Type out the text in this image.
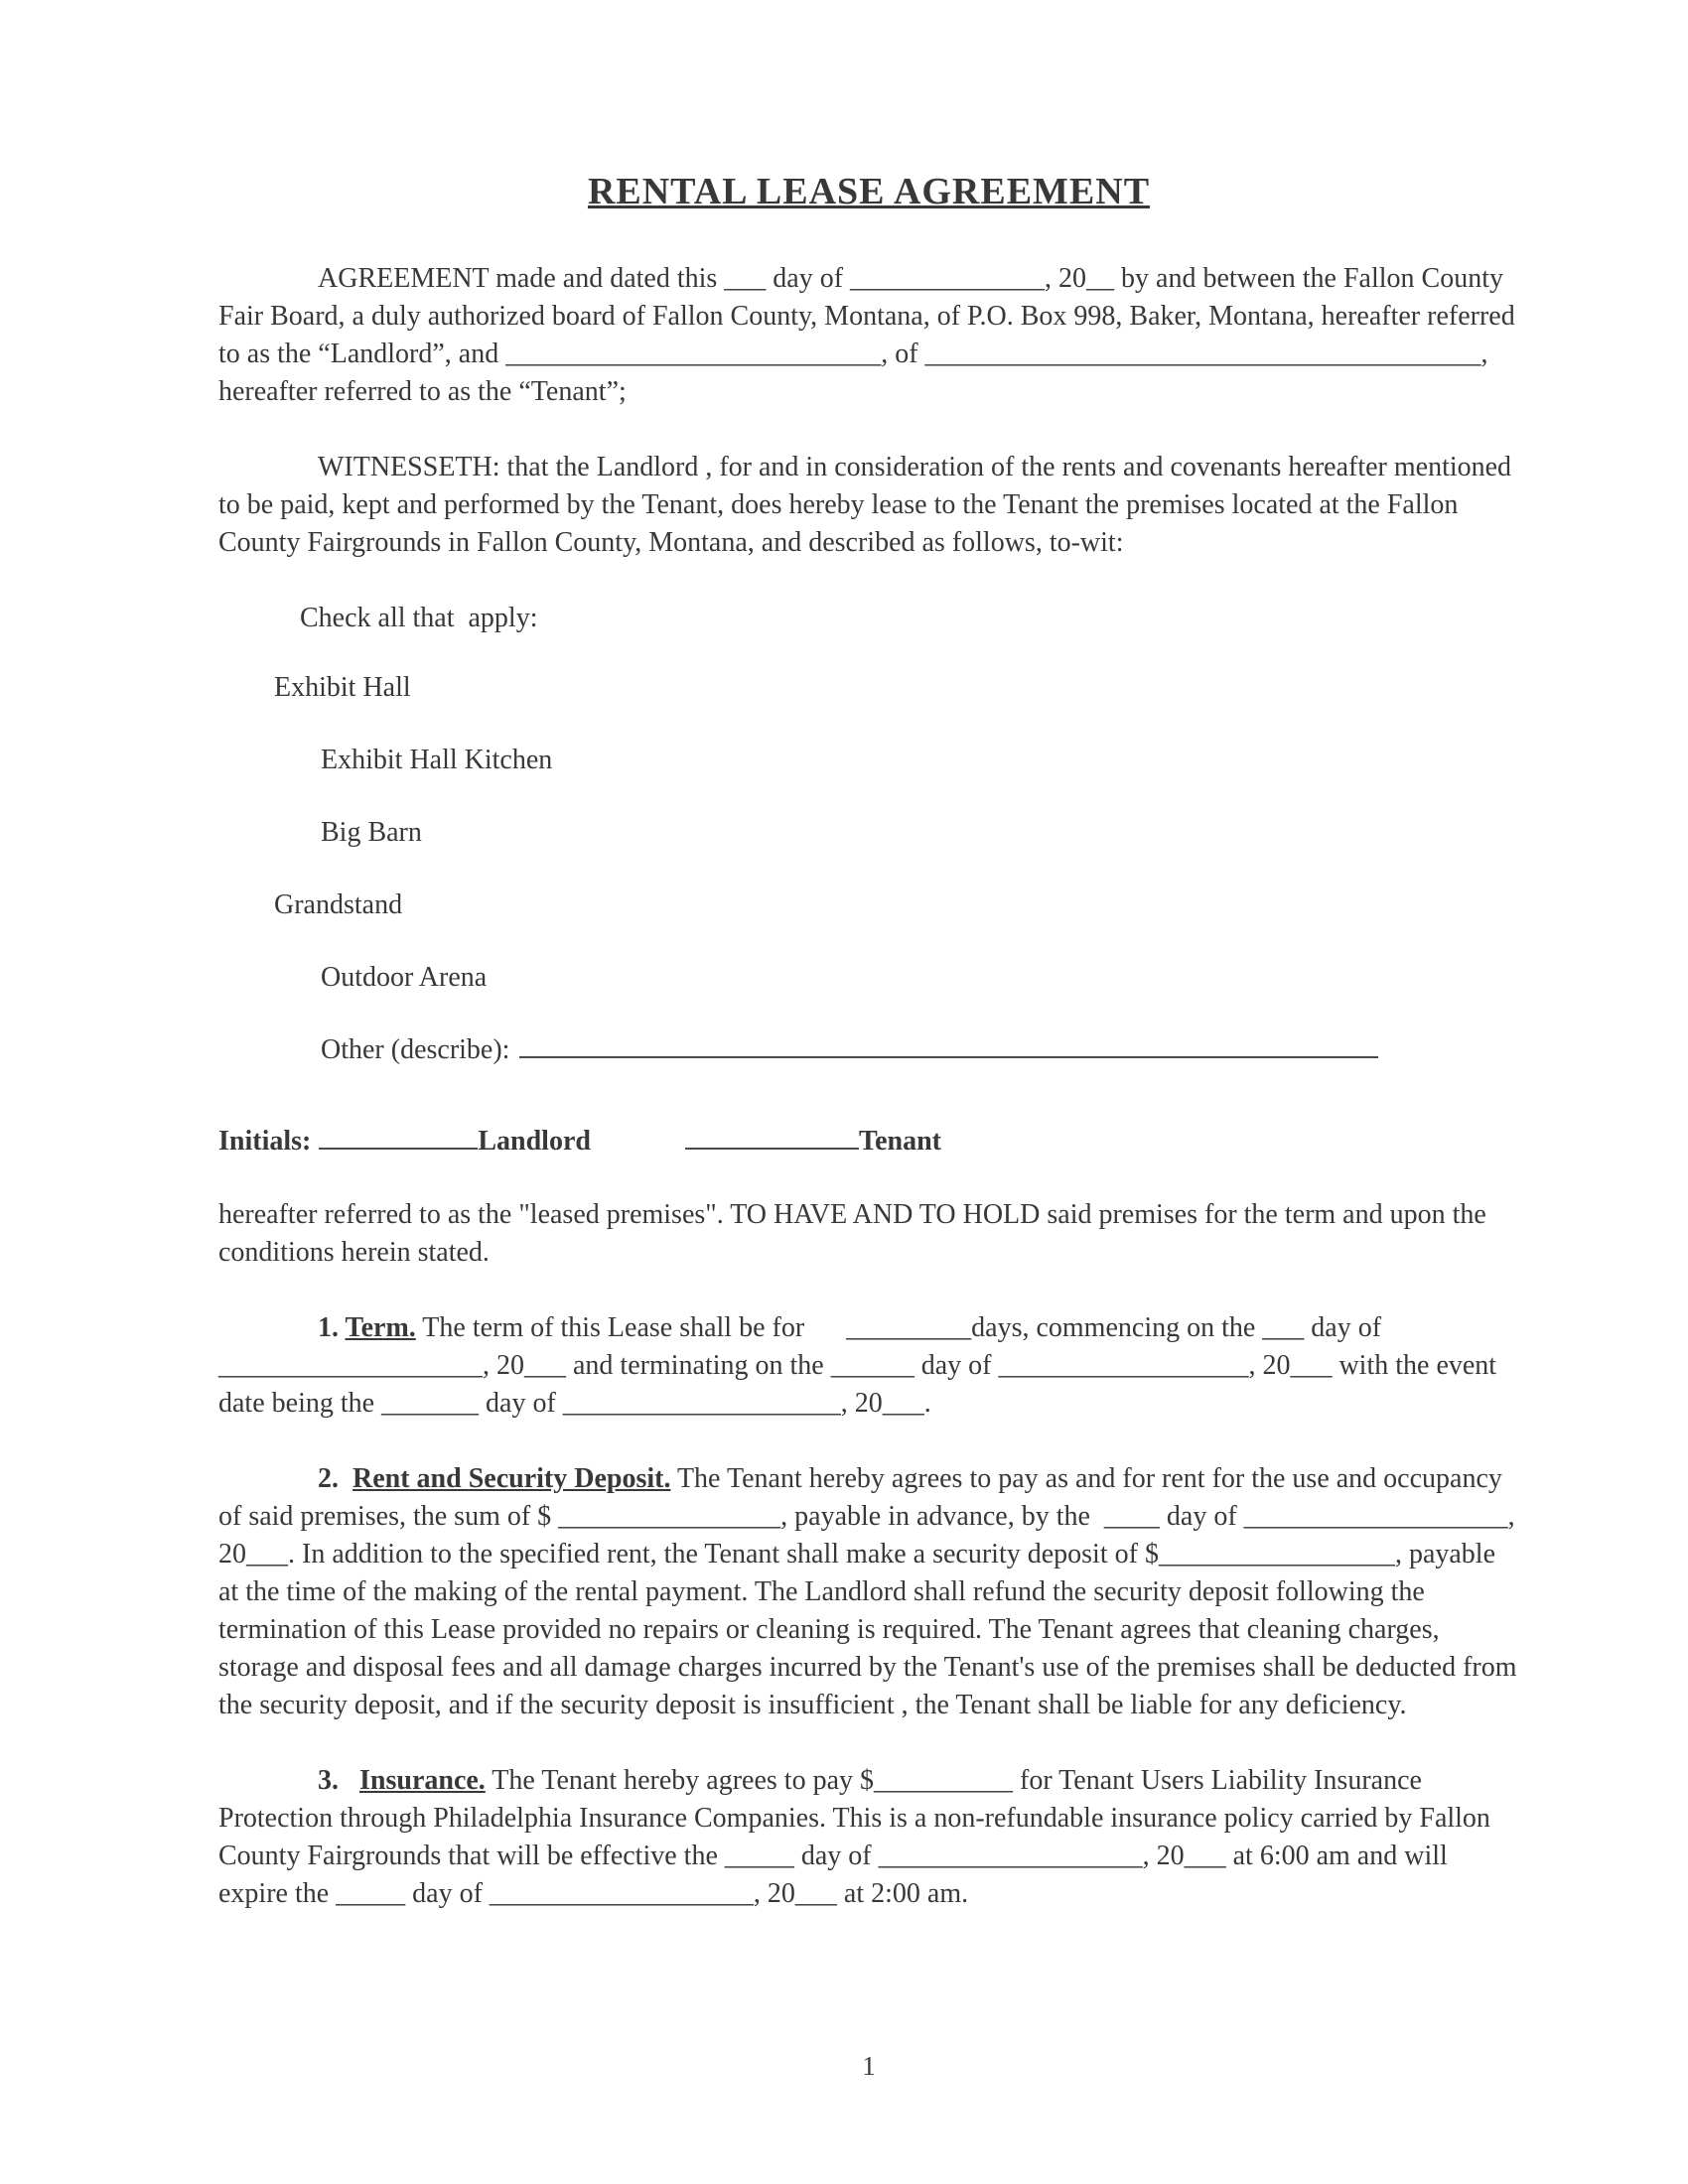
RENTAL LEASE AGREEMENT

AGREEMENT made and dated this ___ day of ______________, 20__ by and between the Fallon County Fair Board, a duly authorized board of Fallon County, Montana, of P.O. Box 998, Baker, Montana, hereafter referred to as the “Landlord”, and ___________________________, of ________________________________________, hereafter referred to as the “Tenant”;

WITNESSETH: that the Landlord , for and in consideration of the rents and covenants hereafter mentioned to be paid, kept and performed by the Tenant, does hereby lease to the Tenant the premises located at the Fallon County Fairgrounds in Fallon County, Montana, and described as follows, to-wit:

Check all that  apply:

Exhibit Hall

Exhibit Hall Kitchen

Big Barn

Grandstand

Outdoor Arena

Other (describe):

Initials:	Landlord	Tenant

hereafter referred to as the "leased premises". TO HAVE AND TO HOLD said premises for the term and upon the conditions herein stated.

1. Term. The term of this Lease shall be for      _________days, commencing on the ___ day of ___________________, 20___ and terminating on the ______ day of __________________, 20___ with the event date being the _______ day of ____________________, 20___.

2.  Rent and Security Deposit. The Tenant hereby agrees to pay as and for rent for the use and occupancy of said premises, the sum of $ ________________, payable in advance, by the  ____ day of ___________________, 20___. In addition to the specified rent, the Tenant shall make a security deposit of $_________________, payable at the time of the making of the rental payment. The Landlord shall refund the security deposit following the termination of this Lease provided no repairs or cleaning is required. The Tenant agrees that cleaning charges, storage and disposal fees and all damage charges incurred by the Tenant's use of the premises shall be deducted from the security deposit, and if the security deposit is insufficient , the Tenant shall be liable for any deficiency.

3.   Insurance. The Tenant hereby agrees to pay $__________ for Tenant Users Liability Insurance Protection through Philadelphia Insurance Companies. This is a non-refundable insurance policy carried by Fallon County Fairgrounds that will be effective the _____ day of ___________________, 20___ at 6:00 am and will expire the _____ day of ___________________, 20___ at 2:00 am.

1
